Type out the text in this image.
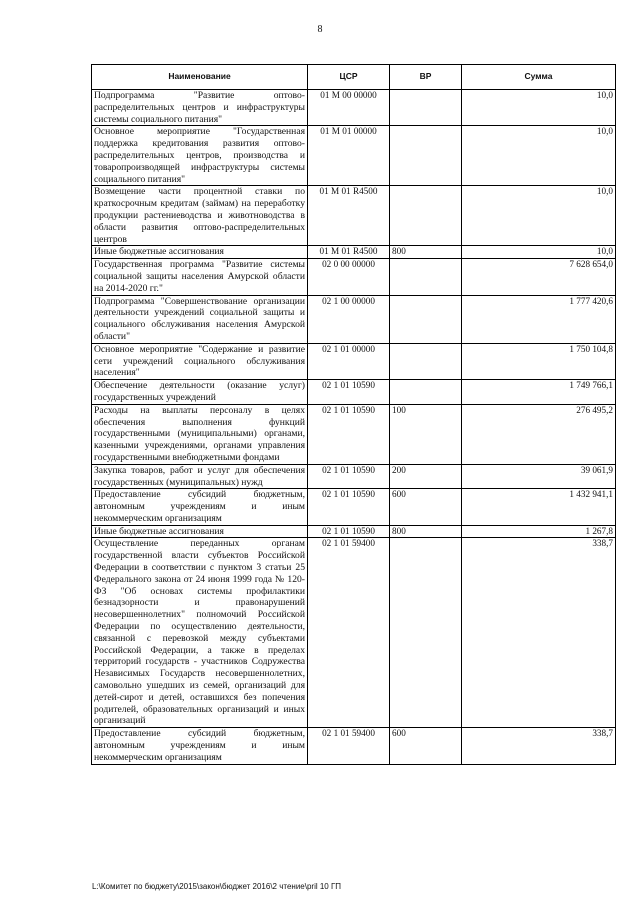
8
Наименование	ЦСР	ВР	Сумма
Подпрограмма "Развитие оптово-распределительных центров и инфраструктуры системы социального питания"	01 M 00 00000		10,0
Основное мероприятие "Государственная поддержка кредитования развития оптово-распределительных центров, производства и товаропроизводящей инфраструктуры системы социального питания"	01 M 01 00000		10,0
Возмещение части процентной ставки по краткосрочным кредитам (займам) на переработку продукции растениеводства и животноводства в области развития оптово-распределительных центров	01 M 01 R4500		10,0
Иные бюджетные ассигнования	01 M 01 R4500	800	10,0
Государственная программа "Развитие системы социальной защиты населения Амурской области на 2014-2020 гг."	02 0 00 00000		7 628 654,0
Подпрограмма "Совершенствование организации деятельности учреждений социальной защиты и социального обслуживания населения Амурской области"	02 1 00 00000		1 777 420,6
Основное мероприятие "Содержание и развитие сети учреждений социального обслуживания населения"	02 1 01 00000		1 750 104,8
Обеспечение деятельности (оказание услуг) государственных учреждений	02 1 01 10590		1 749 766,1
Расходы на выплаты персоналу в целях обеспечения выполнения функций государственными (муниципальными) органами, казенными учреждениями, органами управления государственными внебюджетными фондами	02 1 01 10590	100	276 495,2
Закупка товаров, работ и услуг для обеспечения государственных (муниципальных) нужд	02 1 01 10590	200	39 061,9
Предоставление субсидий бюджетным, автономным учреждениям и иным некоммерческим организациям	02 1 01 10590	600	1 432 941,1
Иные бюджетные ассигнования	02 1 01 10590	800	1 267,8
Осуществление переданных органам государственной власти субъектов Российской Федерации в соответствии с пунктом 3 статьи 25 Федерального закона от 24 июня 1999 года № 120-ФЗ "Об основах системы профилактики безнадзорности и правонарушений несовершеннолетних" полномочий Российской Федерации по осуществлению деятельности, связанной с перевозкой между субъектами Российской Федерации, а также в пределах территорий государств - участников Содружества Независимых Государств несовершеннолетних, самовольно ушедших из семей, организаций для детей-сирот и детей, оставшихся без попечения родителей, образовательных организаций и иных организаций	02 1 01 59400		338,7
Предоставление субсидий бюджетным, автономным учреждениям и иным некоммерческим организациям	02 1 01 59400	600	338,7
L:\Комитет по бюджету\2015\закон\бюджет 2016\2 чтение\pril 10 ГП
